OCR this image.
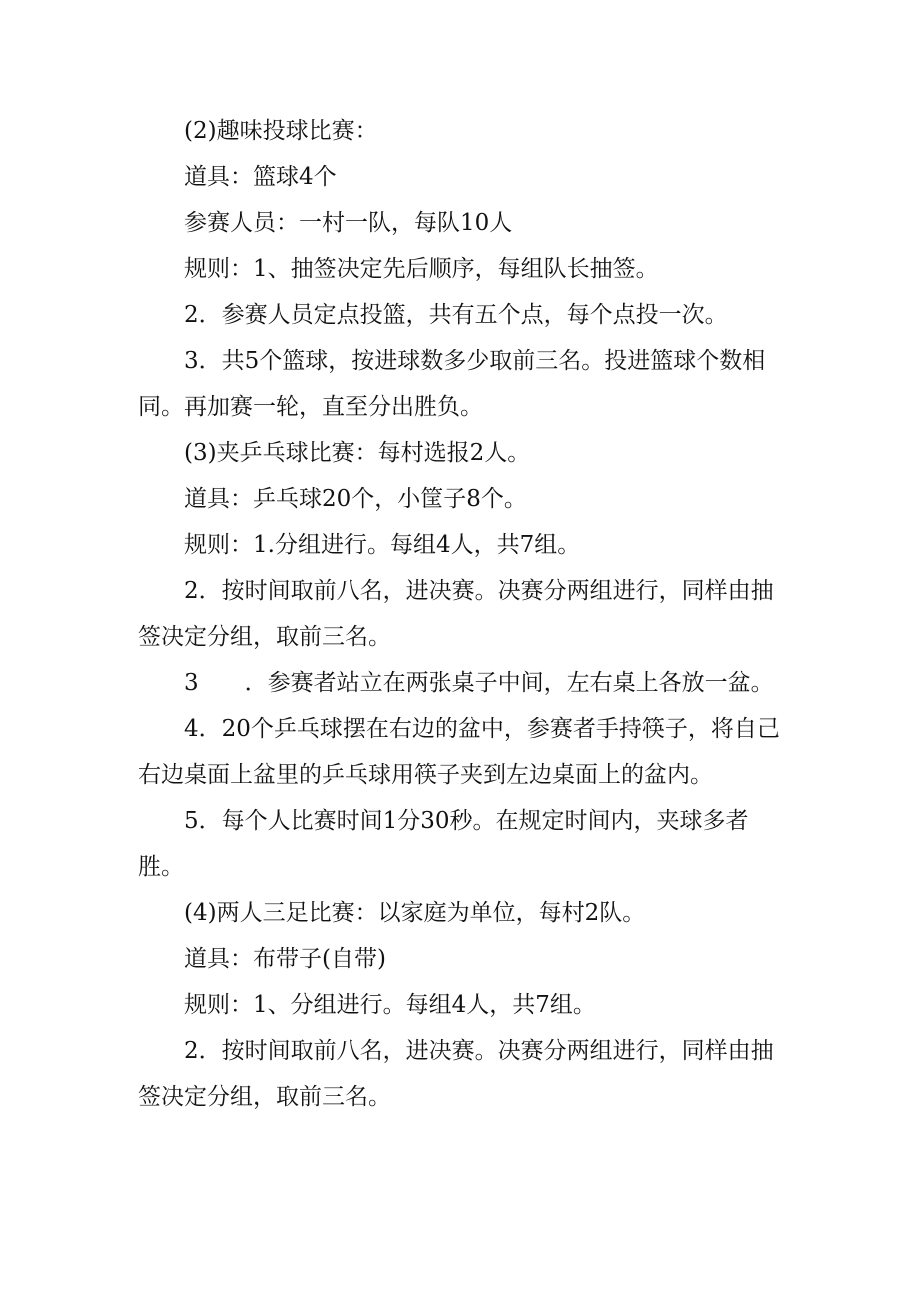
(2)趣味投球比赛：

道具：篮球4个

参赛人员：一村一队，每队10人

规则：1、抽签决定先后顺序，每组队长抽签。

2．参赛人员定点投篮，共有五个点，每个点投一次。

3．共5个篮球，按进球数多少取前三名。投进篮球个数相同。再加赛一轮，直至分出胜负。

(3)夹乒乓球比赛：每村选报2人。

道具：乒乓球20个，小筐子8个。

规则：1.分组进行。每组4人，共7组。

2．按时间取前八名，进决赛。决赛分两组进行，同样由抽签决定分组，取前三名。

3　　．参赛者站立在两张桌子中间，左右桌上各放一盆。

4．20个乒乓球摆在右边的盆中，参赛者手持筷子，将自己右边桌面上盆里的乒乓球用筷子夹到左边桌面上的盆内。

5．每个人比赛时间1分30秒。在规定时间内，夹球多者胜。

(4)两人三足比赛：以家庭为单位，每村2队。

道具：布带子(自带)

规则：1、分组进行。每组4人，共7组。

2．按时间取前八名，进决赛。决赛分两组进行，同样由抽签决定分组，取前三名。
